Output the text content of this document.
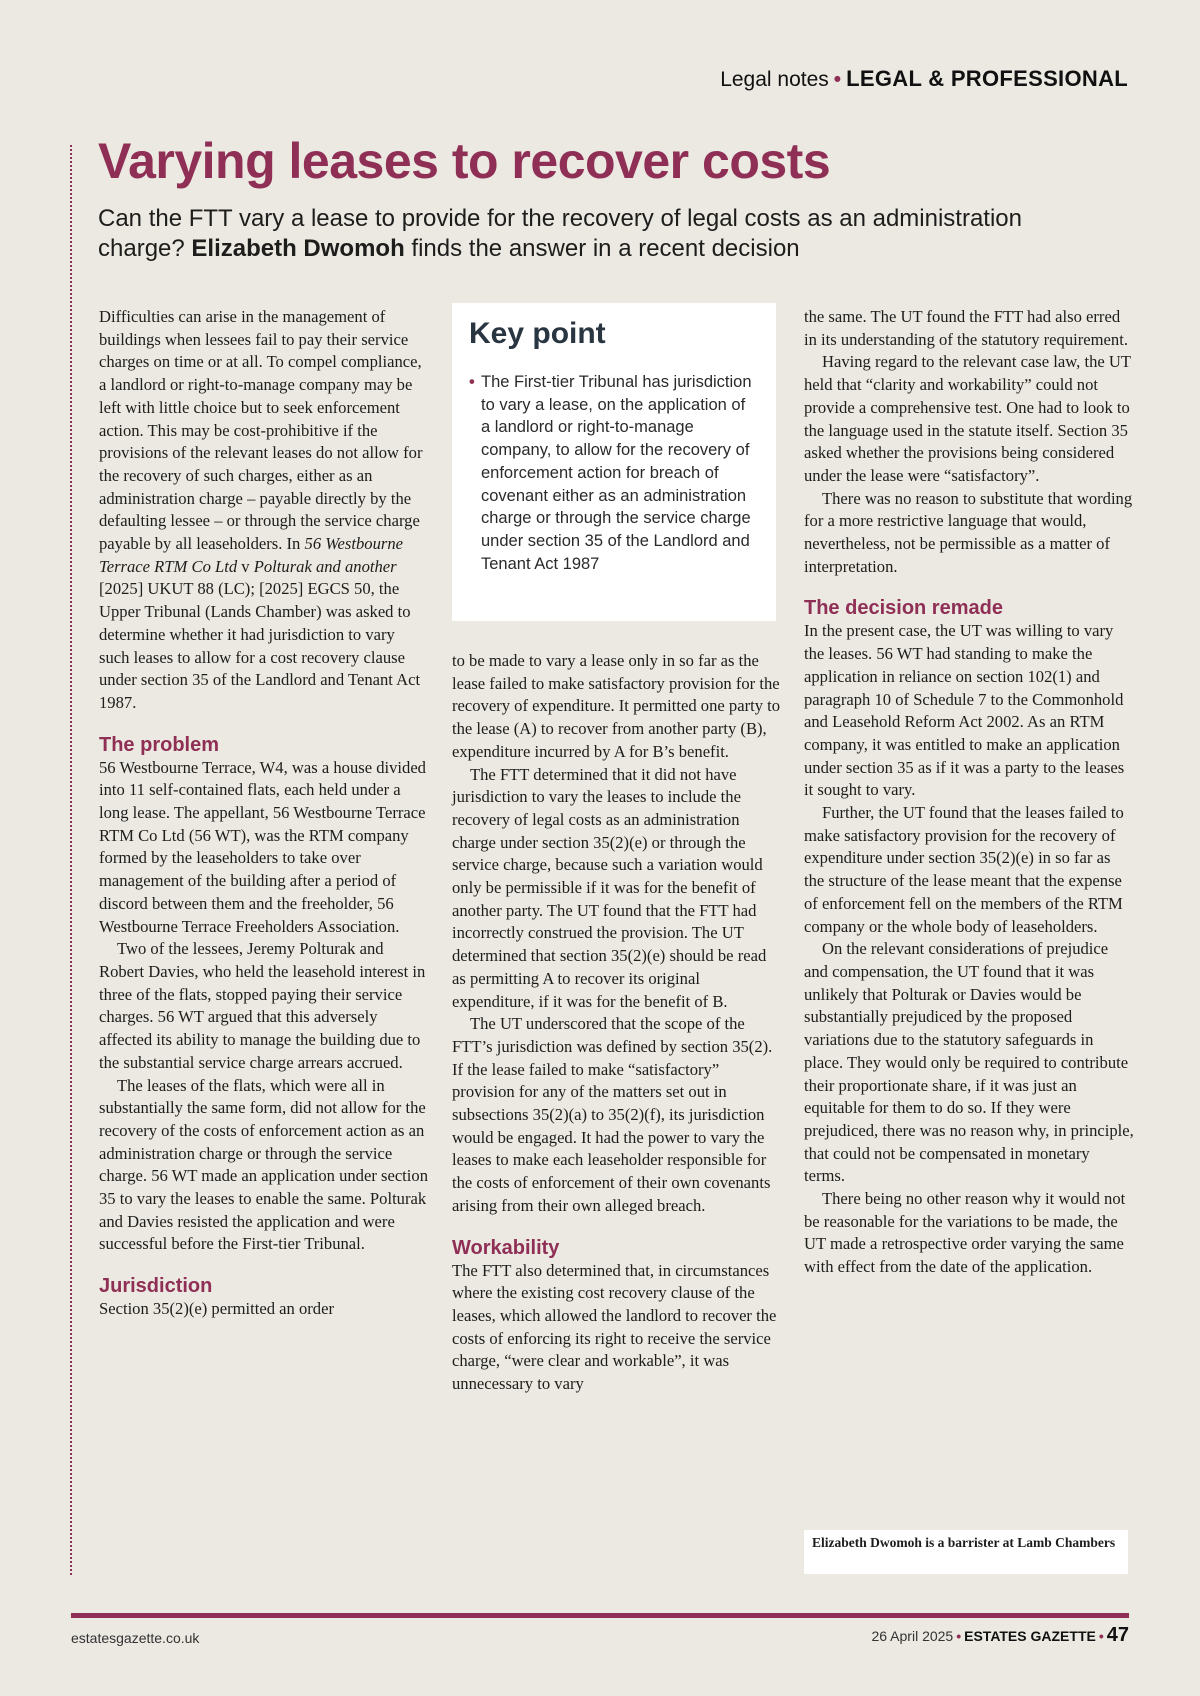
Legal notes • LEGAL & PROFESSIONAL
Varying leases to recover costs

Can the FTT vary a lease to provide for the recovery of legal costs as an administration charge? Elizabeth Dwomoh finds the answer in a recent decision

Difficulties can arise in the management of buildings when lessees fail to pay their service charges on time or at all. To compel compliance, a landlord or right-to-manage company may be left with little choice but to seek enforcement action. This may be cost-prohibitive if the provisions of the relevant leases do not allow for the recovery of such charges, either as an administration charge – payable directly by the defaulting lessee – or through the service charge payable by all leaseholders. In 56 Westbourne Terrace RTM Co Ltd v Polturak and another [2025] UKUT 88 (LC); [2025] EGCS 50, the Upper Tribunal (Lands Chamber) was asked to determine whether it had jurisdiction to vary such leases to allow for a cost recovery clause under section 35 of the Landlord and Tenant Act 1987.

The problem

56 Westbourne Terrace, W4, was a house divided into 11 self-contained flats, each held under a long lease. The appellant, 56 Westbourne Terrace RTM Co Ltd (56 WT), was the RTM company formed by the leaseholders to take over management of the building after a period of discord between them and the freeholder, 56 Westbourne Terrace Freeholders Association.

Two of the lessees, Jeremy Polturak and Robert Davies, who held the leasehold interest in three of the flats, stopped paying their service charges. 56 WT argued that this adversely affected its ability to manage the building due to the substantial service charge arrears accrued.

The leases of the flats, which were all in substantially the same form, did not allow for the recovery of the costs of enforcement action as an administration charge or through the service charge. 56 WT made an application under section 35 to vary the leases to enable the same. Polturak and Davies resisted the application and were successful before the First-tier Tribunal.

Jurisdiction

Section 35(2)(e) permitted an order

Key point
• The First-tier Tribunal has jurisdiction to vary a lease, on the application of a landlord or right-to-manage company, to allow for the recovery of enforcement action for breach of covenant either as an administration charge or through the service charge under section 35 of the Landlord and Tenant Act 1987

to be made to vary a lease only in so far as the lease failed to make satisfactory provision for the recovery of expenditure. It permitted one party to the lease (A) to recover from another party (B), expenditure incurred by A for B’s benefit.

The FTT determined that it did not have jurisdiction to vary the leases to include the recovery of legal costs as an administration charge under section 35(2)(e) or through the service charge, because such a variation would only be permissible if it was for the benefit of another party. The UT found that the FTT had incorrectly construed the provision. The UT determined that section 35(2)(e) should be read as permitting A to recover its original expenditure, if it was for the benefit of B.

The UT underscored that the scope of the FTT’s jurisdiction was defined by section 35(2). If the lease failed to make “satisfactory” provision for any of the matters set out in subsections 35(2)(a) to 35(2)(f), its jurisdiction would be engaged. It had the power to vary the leases to make each leaseholder responsible for the costs of enforcement of their own covenants arising from their own alleged breach.

Workability

The FTT also determined that, in circumstances where the existing cost recovery clause of the leases, which allowed the landlord to recover the costs of enforcing its right to receive the service charge, “were clear and workable”, it was unnecessary to vary

the same. The UT found the FTT had also erred in its understanding of the statutory requirement.

Having regard to the relevant case law, the UT held that “clarity and workability” could not provide a comprehensive test. One had to look to the language used in the statute itself. Section 35 asked whether the provisions being considered under the lease were “satisfactory”.

There was no reason to substitute that wording for a more restrictive language that would, nevertheless, not be permissible as a matter of interpretation.

The decision remade

In the present case, the UT was willing to vary the leases. 56 WT had standing to make the application in reliance on section 102(1) and paragraph 10 of Schedule 7 to the Commonhold and Leasehold Reform Act 2002. As an RTM company, it was entitled to make an application under section 35 as if it was a party to the leases it sought to vary.

Further, the UT found that the leases failed to make satisfactory provision for the recovery of expenditure under section 35(2)(e) in so far as the structure of the lease meant that the expense of enforcement fell on the members of the RTM company or the whole body of leaseholders.

On the relevant considerations of prejudice and compensation, the UT found that it was unlikely that Polturak or Davies would be substantially prejudiced by the proposed variations due to the statutory safeguards in place. They would only be required to contribute their proportionate share, if it was just an equitable for them to do so. If they were prejudiced, there was no reason why, in principle, that could not be compensated in monetary terms.

There being no other reason why it would not be reasonable for the variations to be made, the UT made a retrospective order varying the same with effect from the date of the application.

Elizabeth Dwomoh is a barrister at Lamb Chambers
estatesgazette.co.uk	26 April 2025 • ESTATES GAZETTE • 47
